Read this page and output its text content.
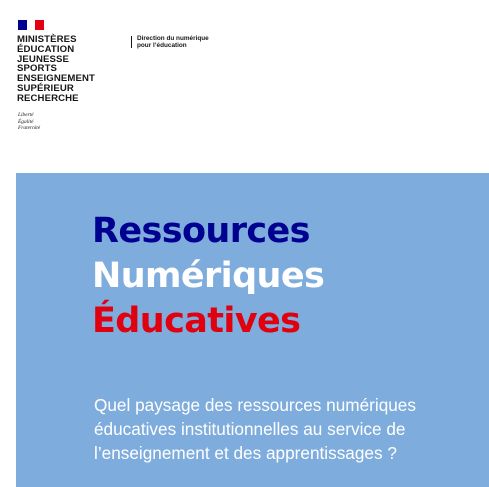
MINISTÈRES
ÉDUCATION
JEUNESSE
SPORTS
ENSEIGNEMENT
SUPÉRIEUR
RECHERCHE
Liberté
Égalité
Fraternité
Direction du numérique
pour l’éducation
Ressources
Numériques
Éducatives
Quel paysage des ressources numériques
éducatives institutionnelles au service de
l’enseignement et des apprentissages ?
